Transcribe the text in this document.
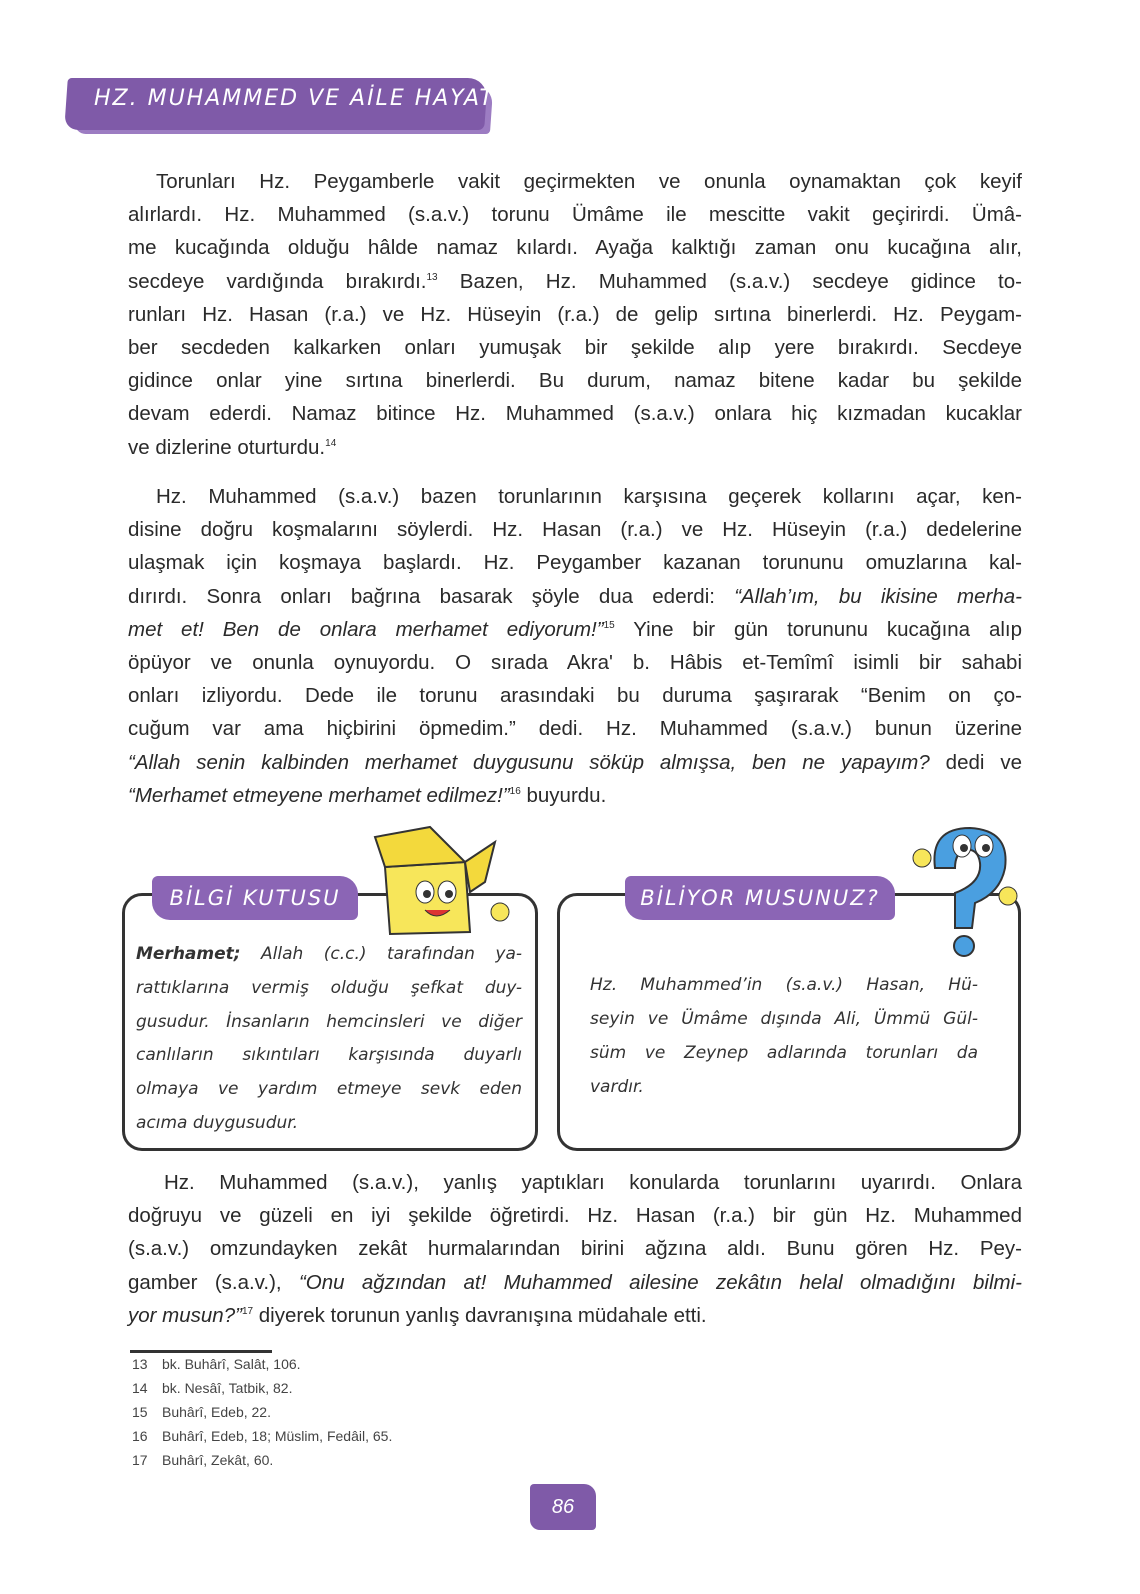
HZ. MUHAMMED VE AİLE HAYATI
Torunları Hz. Peygamberle vakit geçirmekten ve onunla oynamaktan çok keyif
alırlardı. Hz. Muhammed (s.a.v.) torunu Ümâme ile mescitte vakit geçirirdi. Ümâ-
me kucağında olduğu hâlde namaz kılardı. Ayağa kalktığı zaman onu kucağına alır,
secdeye vardığında bırakırdı.$^{13}$ Bazen, Hz. Muhammed (s.a.v.) secdeye gidince to-
runları Hz. Hasan (r.a.) ve Hz. Hüseyin (r.a.) de gelip sırtına binerlerdi. Hz. Peygam-
ber secdeden kalkarken onları yumuşak bir şekilde alıp yere bırakırdı. Secdeye
gidince onlar yine sırtına binerlerdi. Bu durum, namaz bitene kadar bu şekilde
devam ederdi. Namaz bitince Hz. Muhammed (s.a.v.) onlara hiç kızmadan kucaklar
ve dizlerine oturturdu.$^{14}$
Hz. Muhammed (s.a.v.) bazen torunlarının karşısına geçerek kollarını açar, ken-
disine doğru koşmalarını söylerdi. Hz. Hasan (r.a.) ve Hz. Hüseyin (r.a.) dedelerine
ulaşmak için koşmaya başlardı. Hz. Peygamber kazanan torununu omuzlarına kal-
dırırdı. Sonra onları bağrına basarak şöyle dua ederdi: “Allah’ım, bu ikisine merha-
met et! Ben de onlara merhamet ediyorum!”$^{15}$ Yine bir gün torununu kucağına alıp
öpüyor ve onunla oynuyordu. O sırada Akra' b. Hâbis et-Temîmî isimli bir sahabi
onları izliyordu. Dede ile torunu arasındaki bu duruma şaşırarak “Benim on ço-
cuğum var ama hiçbirini öpmedim.” dedi. Hz. Muhammed (s.a.v.) bunun üzerine
“Allah senin kalbinden merhamet duygusunu söküp almışsa, ben ne yapayım? dedi ve
“Merhamet etmeyene merhamet edilmez!”$^{16}$ buyurdu.
Hz. Muhammed (s.a.v.), yanlış yaptıkları konularda torunlarını uyarırdı. Onlara
doğruyu ve güzeli en iyi şekilde öğretirdi. Hz. Hasan (r.a.) bir gün Hz. Muhammed
(s.a.v.) omzundayken zekât hurmalarından birini ağzına aldı. Bunu gören Hz. Pey-
gamber (s.a.v.), “Onu ağzından at! Muhammed ailesine zekâtın helal olmadığını bilmi-
yor musun?”$^{17}$ diyerek torunun yanlış davranışına müdahale etti.
BİLGİ KUTUSU	BİLİYOR MUSUNUZ?
Merhamet; Allah (c.c.) tarafından ya-
rattıklarına vermiş olduğu şefkat duy-
gusudur. İnsanların hemcinsleri ve diğer
canlıların sıkıntıları karşısında duyarlı
olmaya ve yardım etmeye sevk eden
acıma duygusudur.
Hz. Muhammed’in (s.a.v.) Hasan, Hü-
seyin ve Ümâme dışında Ali, Ümmü Gül-
süm ve Zeynep adlarında torunları da
vardır.
13 bk. Buhârî, Salât, 106.
14 bk. Nesâî, Tatbik, 82.
15 Buhârî, Edeb, 22.
16 Buhârî, Edeb, 18; Müslim, Fedâil, 65.
17 Buhârî, Zekât, 60.
86
